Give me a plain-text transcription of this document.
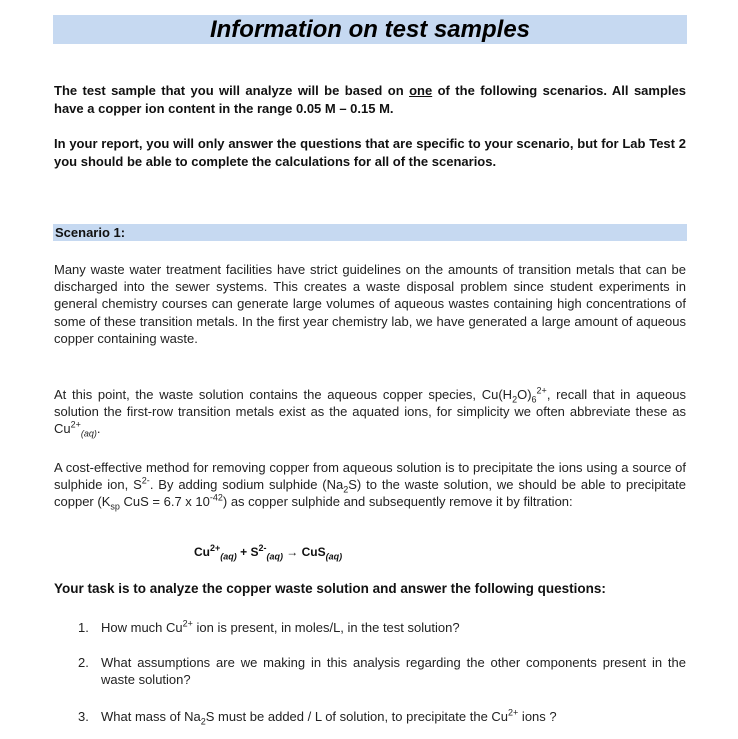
Information on test samples

The test sample that you will analyze will be based on one of the following scenarios. All samples have a copper ion content in the range 0.05 M – 0.15 M.

In your report, you will only answer the questions that are specific to your scenario, but for Lab Test 2 you should be able to complete the calculations for all of the scenarios.

Scenario 1:

Many waste water treatment facilities have strict guidelines on the amounts of transition metals that can be discharged into the sewer systems. This creates a waste disposal problem since student experiments in general chemistry courses can generate large volumes of aqueous wastes containing high concentrations of some of these transition metals. In the first year chemistry lab, we have generated a large amount of aqueous copper containing waste.

At this point, the waste solution contains the aqueous copper species, $Cu(H_2O)_6^{2+}$, recall that in aqueous solution the first-row transition metals exist as the aquated ions, for simplicity we often abbreviate these as $Cu^{2+}_{(aq)}$.

A cost-effective method for removing copper from aqueous solution is to precipitate the ions using a source of sulphide ion, $S^{2-}$. By adding sodium sulphide $(Na_2S)$ to the waste solution, we should be able to precipitate copper ($K_{sp}$ CuS = 6.7 x $10^{-42}$) as copper sulphide and subsequently remove it by filtration:

$Cu^{2+}_{(aq)} + S^{2-}_{(aq)} \to CuS_{(aq)}$

Your task is to analyze the copper waste solution and answer the following questions:

1. How much $Cu^{2+}$ ion is present, in moles/L, in the test solution?
2. What assumptions are we making in this analysis regarding the other components present in the waste solution?
3. What mass of $Na_2S$ must be added / L of solution, to precipitate the $Cu^{2+}$ ions ?
